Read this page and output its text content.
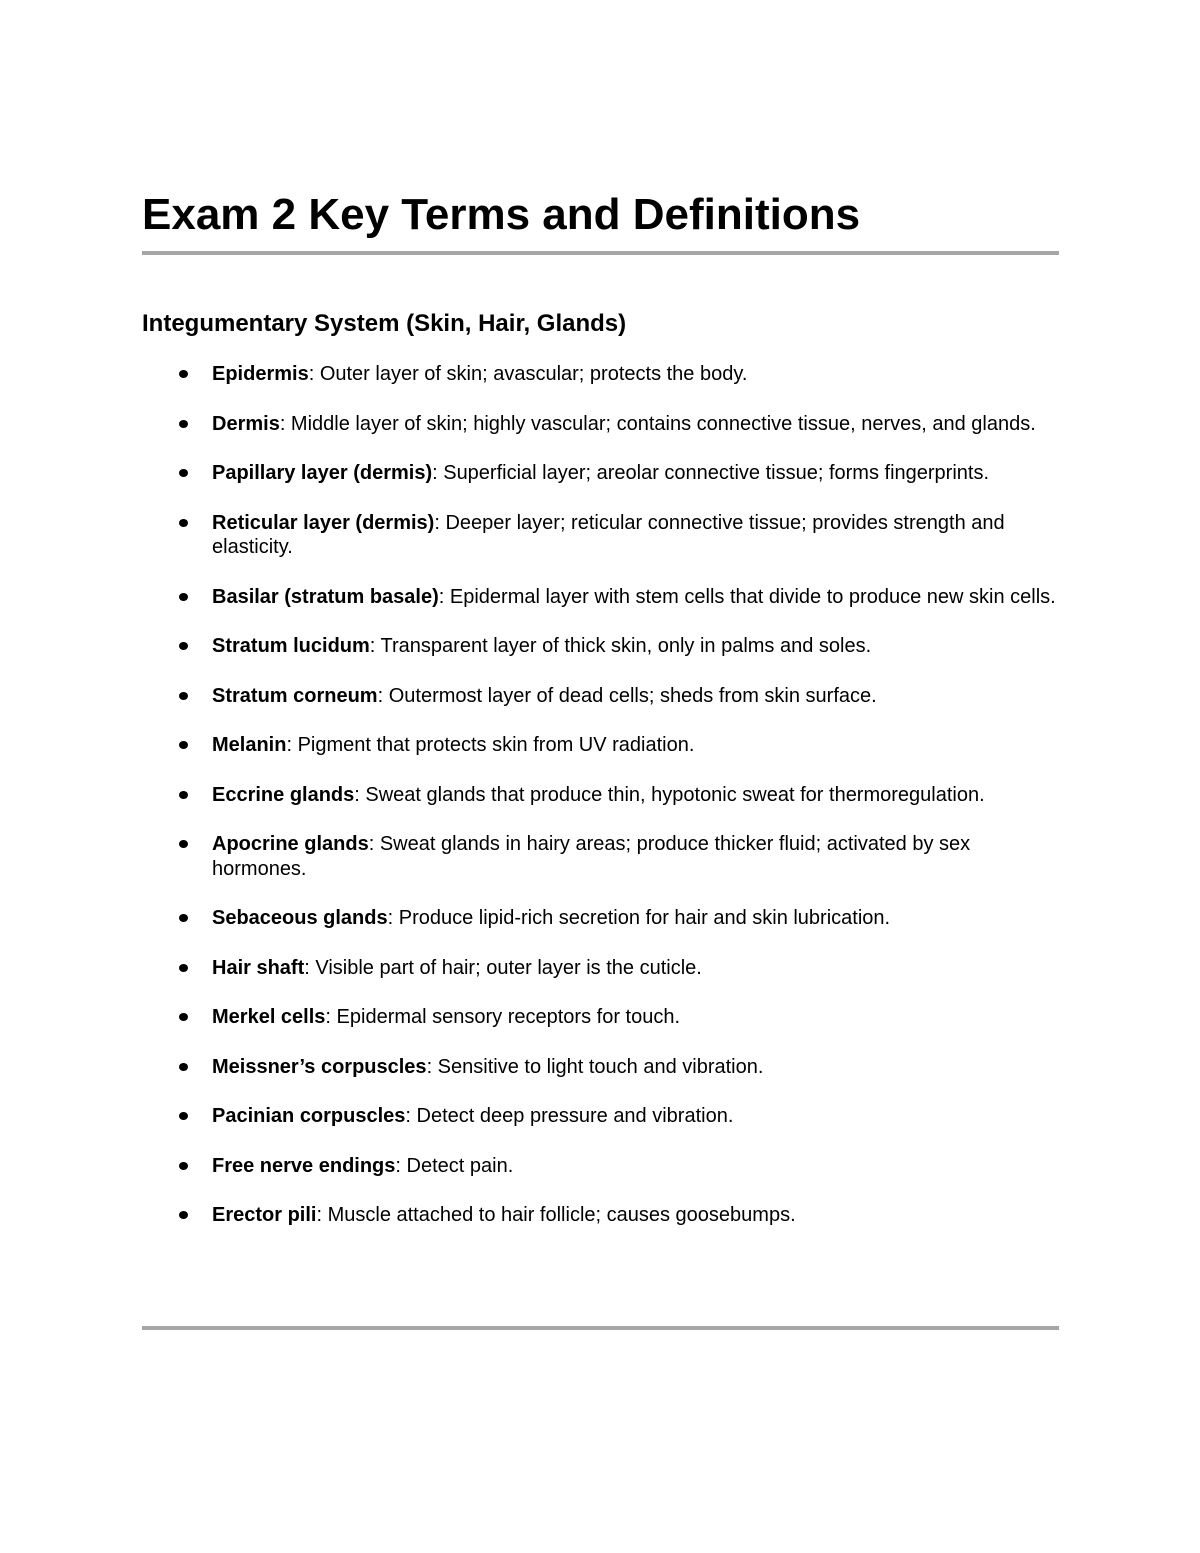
Exam 2 Key Terms and Definitions
Integumentary System (Skin, Hair, Glands)
Epidermis: Outer layer of skin; avascular; protects the body.
Dermis: Middle layer of skin; highly vascular; contains connective tissue, nerves, and glands.
Papillary layer (dermis): Superficial layer; areolar connective tissue; forms fingerprints.
Reticular layer (dermis): Deeper layer; reticular connective tissue; provides strength and elasticity.
Basilar (stratum basale): Epidermal layer with stem cells that divide to produce new skin cells.
Stratum lucidum: Transparent layer of thick skin, only in palms and soles.
Stratum corneum: Outermost layer of dead cells; sheds from skin surface.
Melanin: Pigment that protects skin from UV radiation.
Eccrine glands: Sweat glands that produce thin, hypotonic sweat for thermoregulation.
Apocrine glands: Sweat glands in hairy areas; produce thicker fluid; activated by sex hormones.
Sebaceous glands: Produce lipid-rich secretion for hair and skin lubrication.
Hair shaft: Visible part of hair; outer layer is the cuticle.
Merkel cells: Epidermal sensory receptors for touch.
Meissner’s corpuscles: Sensitive to light touch and vibration.
Pacinian corpuscles: Detect deep pressure and vibration.
Free nerve endings: Detect pain.
Erector pili: Muscle attached to hair follicle; causes goosebumps.
